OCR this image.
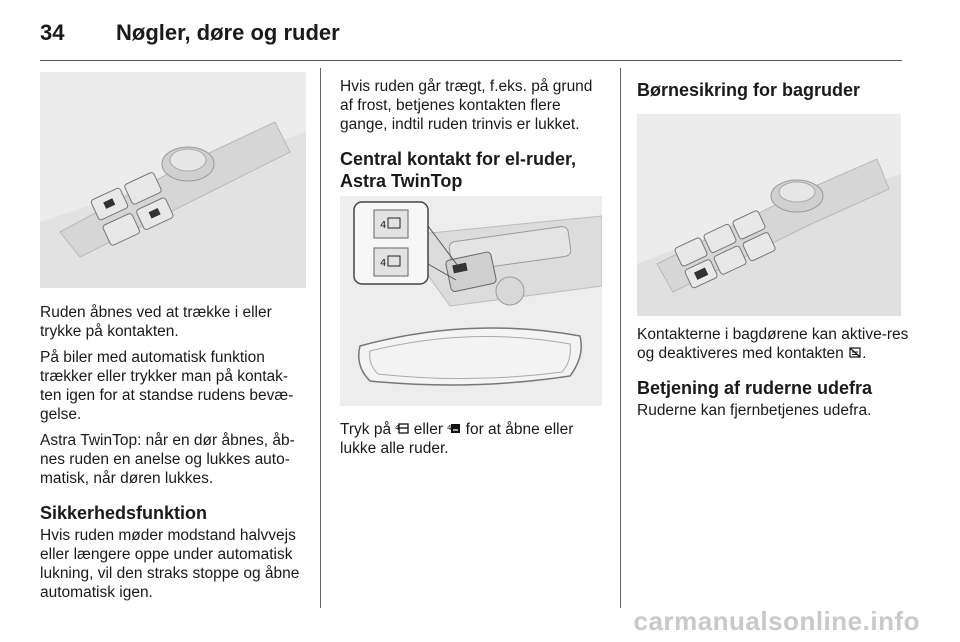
34 Nøgler, døre og ruder

Ruden åbnes ved at trække i eller trykke på kontakten.

På biler med automatisk funktion trækker eller trykker man på kontak-ten igen for at standse rudens bevæ-gelse.

Astra TwinTop: når en dør åbnes, åb-nes ruden en anelse og lukkes auto-matisk, når døren lukkes.

Sikkerhedsfunktion

Hvis ruden møder modstand halvvejs eller længere oppe under automatisk lukning, vil den straks stoppe og åbne automatisk igen.

Hvis ruden går trægt, f.eks. på grund af frost, betjenes kontakten flere gange, indtil ruden trinvis er lukket.

Central kontakt for el-ruder, Astra TwinTop
4
4

Tryk på 4 eller 4 for at åbne eller lukke alle ruder.

Børnesikring for bagruder

Kontakterne i bagdørene kan aktive-res og deaktiveres med kontakten .

Betjening af ruderne udefra

Ruderne kan fjernbetjenes udefra.

carmanualsonline.info
